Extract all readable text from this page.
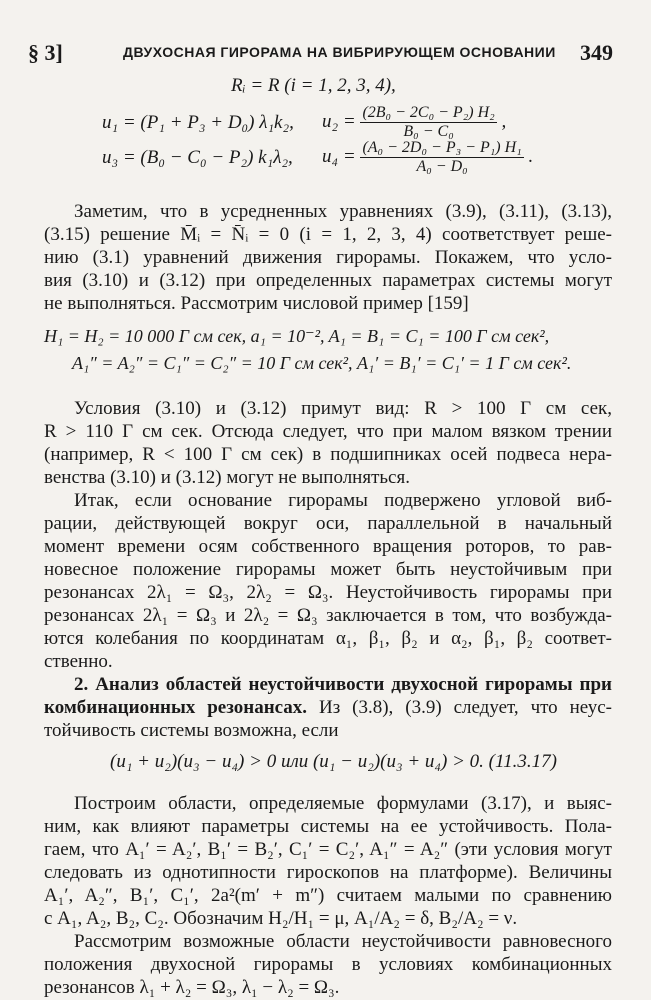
§ 3]	ДВУХОСНАЯ ГИРОРАМА НА ВИБРИРУЮЩЕМ ОСНОВАНИИ 349
Rᵢ = R (i = 1, 2, 3, 4),
u₁ = (P₁ + P₃ + D₀) λ₁k₂, $u_2 = \frac{\text{(2B₀ − 2C₀ − P₂) H₂}}{\text{B₀ − C₀}}$ ,
u₃ = (B₀ − C₀ − P₂) k₁λ₂, $u_4 = \frac{\text{(A₀ − 2D₀ − P₃ − P₁) H₁}}{\text{A₀ − D₀}}$ .
Заметим, что в усредненных уравнениях (3.9), (3.11), (3.13),
(3.15) решение M̄ᵢ = N̄ᵢ = 0 (i = 1, 2, 3, 4) соответствует реше-
нию (3.1) уравнений движения гирорамы. Покажем, что усло-
вия (3.10) и (3.12) при определенных параметрах системы могут
не выполняться. Рассмотрим числовой пример [159]
H₁ = H₂ = 10 000 Г см сек, a₁ = 10⁻², A₁ = B₁ = C₁ = 100 Г см сек²,
A₁″ = A₂″ = C₁″ = C₂″ = 10 Г см сек², A₁′ = B₁′ = C₁′ = 1 Г см сек².
Условия (3.10) и (3.12) примут вид: R > 100 Г см сек,
R > 110 Г см сек. Отсюда следует, что при малом вязком трении
(например, R < 100 Г см сек) в подшипниках осей подвеса нера-
венства (3.10) и (3.12) могут не выполняться.
Итак, если основание гирорамы подвержено угловой виб-
рации, действующей вокруг оси, параллельной в начальный
момент времени осям собственного вращения роторов, то рав-
новесное положение гирорамы может быть неустойчивым при
резонансах 2λ₁ = Ω₃, 2λ₂ = Ω₃. Неустойчивость гирорамы при
резонансах 2λ₁ = Ω₃ и 2λ₂ = Ω₃ заключается в том, что возбужда-
ются колебания по координатам α₁, β₁, β₂ и α₂, β₁, β₂ соответ-
ственно.
2. Анализ областей неустойчивости двухосной гирорамы при
комбинационных резонансах. Из (3.8), (3.9) следует, что неус-
тойчивость системы возможна, если
(u₁ + u₂)(u₃ − u₄) > 0 или (u₁ − u₂)(u₃ + u₄) > 0. (11.3.17)
Построим области, определяемые формулами (3.17), и выяс-
ним, как влияют параметры системы на ее устойчивость. Пола-
гаем, что A₁′ = A₂′, B₁′ = B₂′, C₁′ = C₂′, A₁″ = A₂″ (эти условия могут
следовать из однотипности гироскопов на платформе). Величины
A₁′, A₂″, B₁′, C₁′, 2a²(m′ + m″) считаем малыми по сравнению
с A₁, A₂, B₂, C₂. Обозначим H₂/H₁ = μ, A₁/A₂ = δ, B₂/A₂ = ν.
Рассмотрим возможные области неустойчивости равновесного
положения двухосной гирорамы в условиях комбинационных
резонансов λ₁ + λ₂ = Ω₃, λ₁ − λ₂ = Ω₃.
